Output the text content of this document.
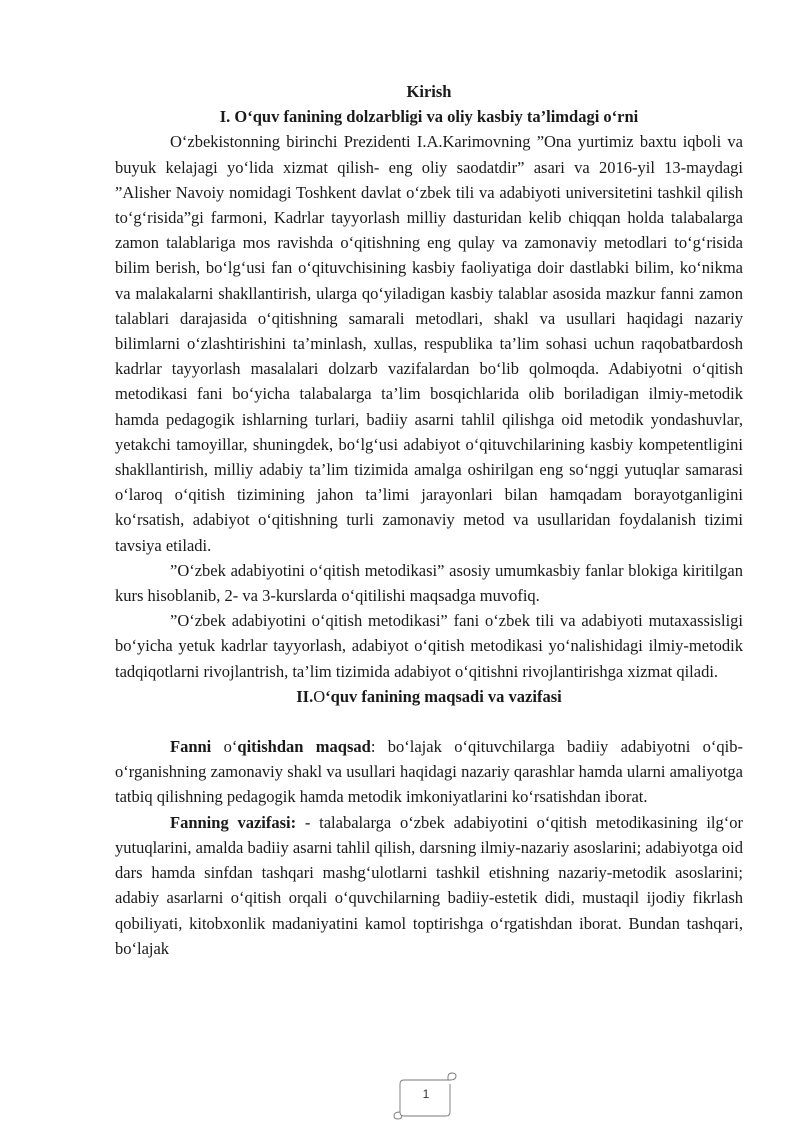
Kirish

I. O‘quv fanining dolzarbligi va oliy kasbiy ta’limdagi o‘rni

O‘zbekistonning birinchi Prezidenti I.A.Karimovning ”Ona yurtimiz baxtu iqboli va buyuk kelajagi yo‘lida xizmat qilish- eng oliy saodatdir” asari va 2016-yil 13-maydagi ”Alisher Navoiy nomidagi Toshkent davlat o‘zbek tili va adabiyoti universitetini tashkil qilish to‘g‘risida”gi farmoni, Kadrlar tayyorlash milliy dasturidan kelib chiqqan holda talabalarga zamon talablariga mos ravishda o‘qitishning eng qulay va zamonaviy metodlari to‘g‘risida bilim berish, bo‘lg‘usi fan o‘qituvchisining kasbiy faoliyatiga doir dastlabki bilim, ko‘nikma va malakalarni shakllantirish, ularga qo‘yiladigan kasbiy talablar asosida mazkur fanni zamon talablari darajasida o‘qitishning samarali metodlari, shakl va usullari haqidagi nazariy bilimlarni o‘zlashtirishini ta’minlash, xullas, respublika ta’lim sohasi uchun raqobatbardosh kadrlar tayyorlash masalalari dolzarb vazifalardan bo‘lib qolmoqda. Adabiyotni o‘qitish metodikasi fani bo‘yicha talabalarga ta’lim bosqichlarida olib boriladigan ilmiy-metodik hamda pedagogik ishlarning turlari, badiiy asarni tahlil qilishga oid metodik yondashuvlar, yetakchi tamoyillar, shuningdek, bo‘lg‘usi adabiyot o‘qituvchilarining kasbiy kompetentligini shakllantirish, milliy adabiy ta’lim tizimida amalga oshirilgan eng so‘nggi yutuqlar samarasi o‘laroq o‘qitish tizimining jahon ta’limi jarayonlari bilan hamqadam borayotganligini ko‘rsatish, adabiyot o‘qitishning turli zamonaviy metod va usullaridan foydalanish tizimi tavsiya etiladi.

”O‘zbek adabiyotini o‘qitish metodikasi” asosiy umumkasbiy fanlar blokiga kiritilgan kurs hisoblanib, 2- va 3-kurslarda o‘qitilishi maqsadga muvofiq.

”O‘zbek adabiyotini o‘qitish metodikasi” fani o‘zbek tili va adabiyoti mutaxassisligi bo‘yicha yetuk kadrlar tayyorlash, adabiyot o‘qitish metodikasi yo‘nalishidagi ilmiy-metodik tadqiqotlarni rivojlantrish, ta’lim tizimida adabiyot o‘qitishni rivojlantirishga xizmat qiladi.

II.O‘quv fanining maqsadi va vazifasi

Fanni o‘qitishdan maqsad: bo‘lajak o‘qituvchilarga badiiy adabiyotni o‘qib-o‘rganishning zamonaviy shakl va usullari haqidagi nazariy qarashlar hamda ularni amaliyotga tatbiq qilishning pedagogik hamda metodik imkoniyatlarini ko‘rsatishdan iborat.

Fanning vazifasi: - talabalarga o‘zbek adabiyotini o‘qitish metodikasining ilg‘or yutuqlarini, amalda badiiy asarni tahlil qilish, darsning ilmiy-nazariy asoslarini; adabiyotga oid dars hamda sinfdan tashqari mashg‘ulotlarni tashkil etishning nazariy-metodik asoslarini; adabiy asarlarni o‘qitish orqali o‘quvchilarning badiiy-estetik didi, mustaqil ijodiy fikrlash qobiliyati, kitobxonlik madaniyatini kamol toptirishga o‘rgatishdan iborat. Bundan tashqari, bo‘lajak

1
